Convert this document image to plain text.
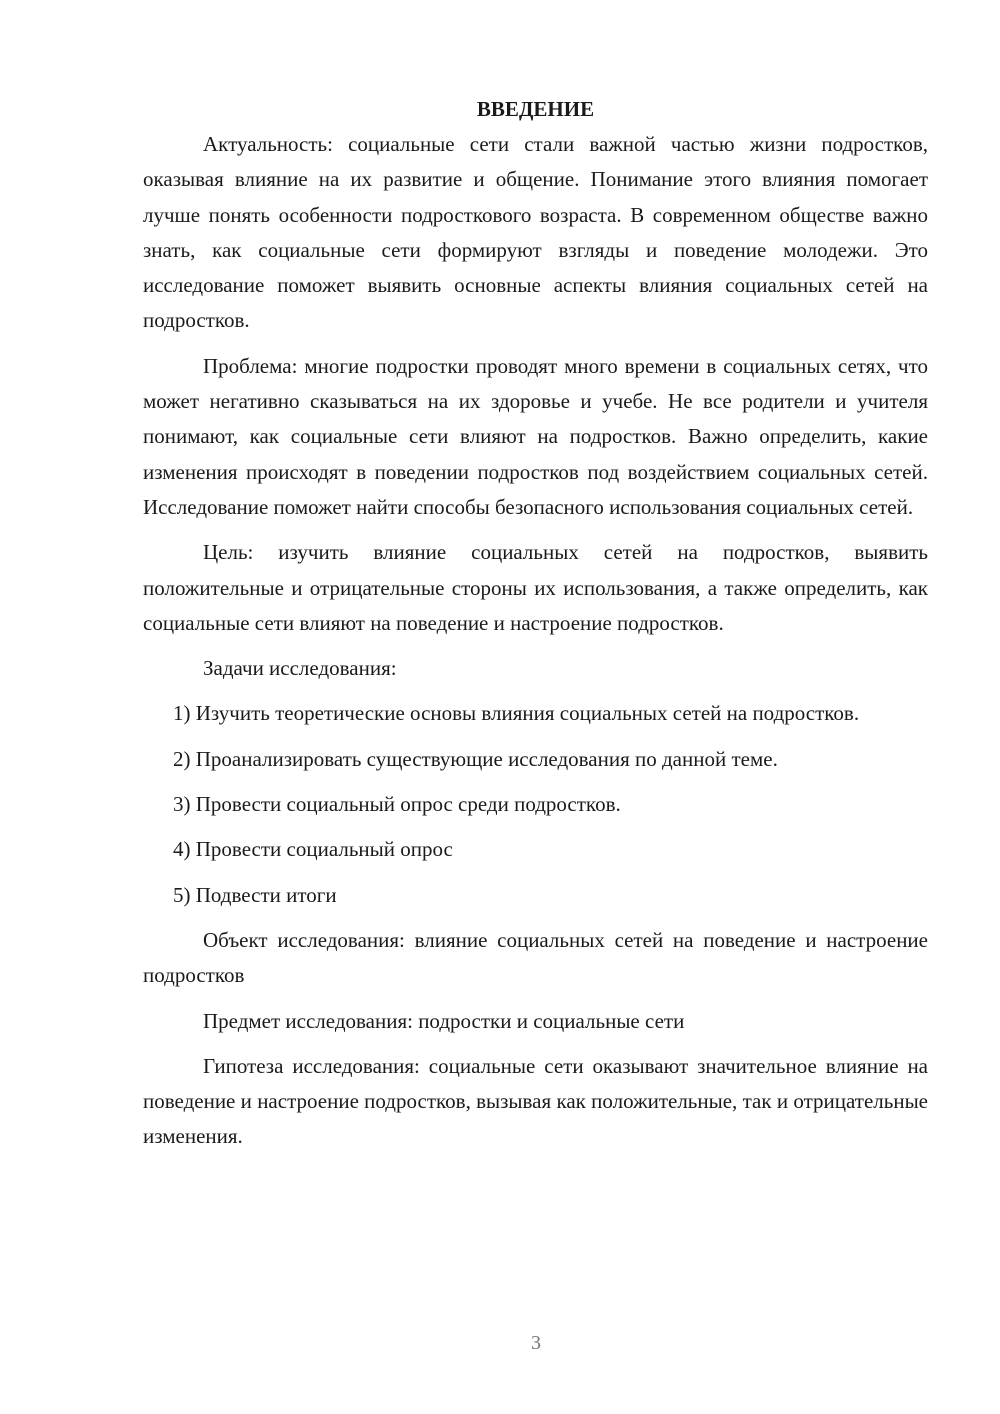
ВВЕДЕНИЕ

Актуальность: социальные сети стали важной частью жизни подростков, оказывая влияние на их развитие и общение. Понимание этого влияния помогает лучше понять особенности подросткового возраста. В современном обществе важно знать, как социальные сети формируют взгляды и поведение молодежи. Это исследование поможет выявить основные аспекты влияния социальных сетей на подростков.

Проблема: многие подростки проводят много времени в социальных сетях, что может негативно сказываться на их здоровье и учебе. Не все родители и учителя понимают, как социальные сети влияют на подростков. Важно определить, какие изменения происходят в поведении подростков под воздействием социальных сетей. Исследование поможет найти способы безопасного использования социальных сетей.

Цель: изучить влияние социальных сетей на подростков, выявить положительные и отрицательные стороны их использования, а также определить, как социальные сети влияют на поведение и настроение подростков.

Задачи исследования:

1) Изучить теоретические основы влияния социальных сетей на подростков.

2) Проанализировать существующие исследования по данной теме.

3) Провести социальный опрос среди подростков.

4) Провести социальный опрос

5) Подвести итоги

Объект исследования: влияние социальных сетей на поведение и настроение подростков

Предмет исследования: подростки и социальные сети

Гипотеза исследования: социальные сети оказывают значительное влияние на поведение и настроение подростков, вызывая как положительные, так и отрицательные изменения.

3
